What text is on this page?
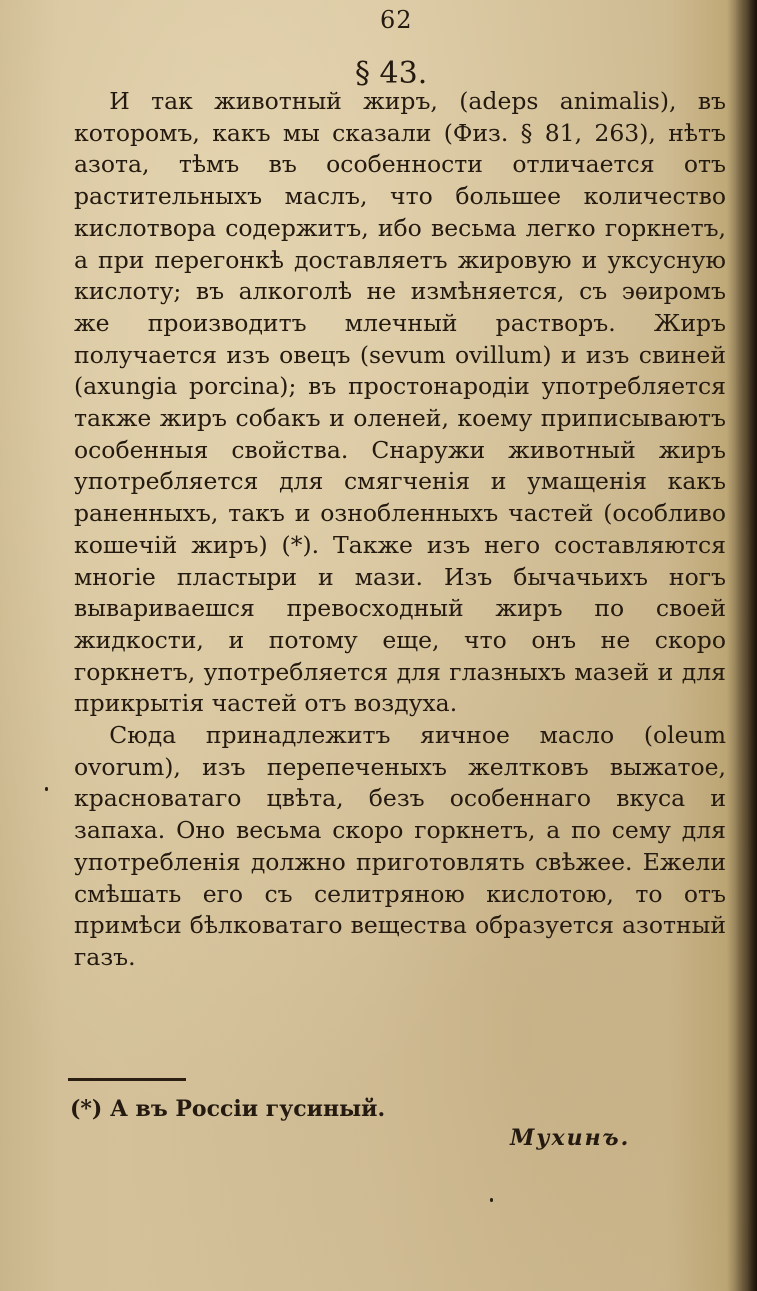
62
§ 43.

И так животный жиръ, (adeps animalis), въ которомъ, какъ мы сказали (Физ. § 81, 263), нѣтъ азота, тѣмъ въ особенности отличается отъ растительныхъ маслъ, что большее количество кислотвора содержитъ, ибо весьма легко горкнетъ, а при перегонкѣ доставляетъ жировую и уксусную кислоту; въ алкоголѣ не измѣняется, съ эѳиромъ же производитъ млечный растворъ. Жиръ получается изъ овецъ (sevum ovillum) и изъ свиней (axungia porcina); въ простонародіи употребляется также жиръ собакъ и оленей, коему приписываютъ особенныя свойства. Снаружи животный жиръ употребляется для смягченія и умащенія какъ раненныхъ, такъ и ознобленныхъ частей (особливо кошечій жиръ) (*). Также изъ него составляются многіе пластыри и мази. Изъ бычачьихъ ногъ вывариваешся превосходный жиръ по своей жидкости, и потому еще, что онъ не скоро горкнетъ, употребляется для глазныхъ мазей и для прикрытія частей отъ воздуха.

Сюда принадлежитъ яичное масло (oleum ovorum), изъ перепеченыхъ желтковъ выжатое, красноватаго цвѣта, безъ особеннаго вкуса и запаха. Оно весьма скоро горкнетъ, а по сему для употребленія должно приготовлять свѣжее. Ежели смѣшать его съ селитряною кислотою, то отъ примѣси бѣлковатаго вещества образуется азотный газъ.

(*) А въ Россіи гусиный.
Мухинъ.
